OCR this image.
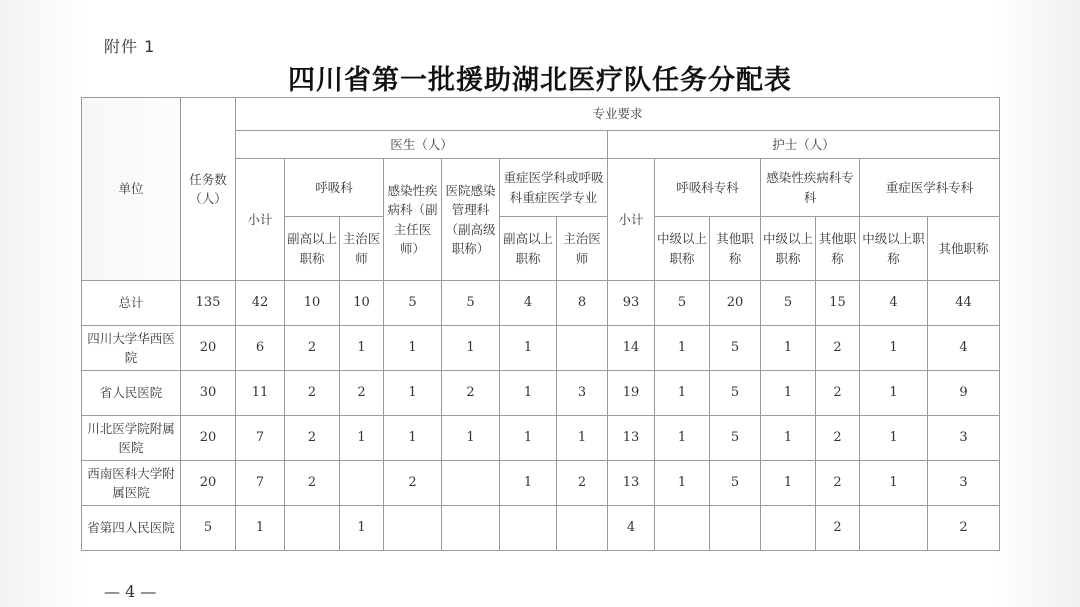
附件 1
四川省第一批援助湖北医疗队任务分配表
单位	任务数（人）	专业要求													
		医生（人）							护士（人）						
		小计	呼吸科		感染性疾病科（副主任医师）	医院感染管理科（副高级职称）	重症医学科或呼吸科重症医学专业		小计	呼吸科专科		感染性疾病科专科		重症医学科专科	
			副高以上职称	主治医师			副高以上职称	主治医师		中级以上职称	其他职称	中级以上职称	其他职称	中级以上职称	其他职称
总计	135	42	10	10	5	5	4	8	93	5	20	5	15	4	44
四川大学华西医院	20	6	2	1	1	1	1		14	1	5	1	2	1	4
省人民医院	30	11	2	2	1	2	1	3	19	1	5	1	2	1	9
川北医学院附属医院	20	7	2	1	1	1	1	1	13	1	5	1	2	1	3
西南医科大学附属医院	20	7	2		2		1	2	13	1	5	1	2	1	3
省第四人民医院	5	1		1					4				2		2
— 4 —
